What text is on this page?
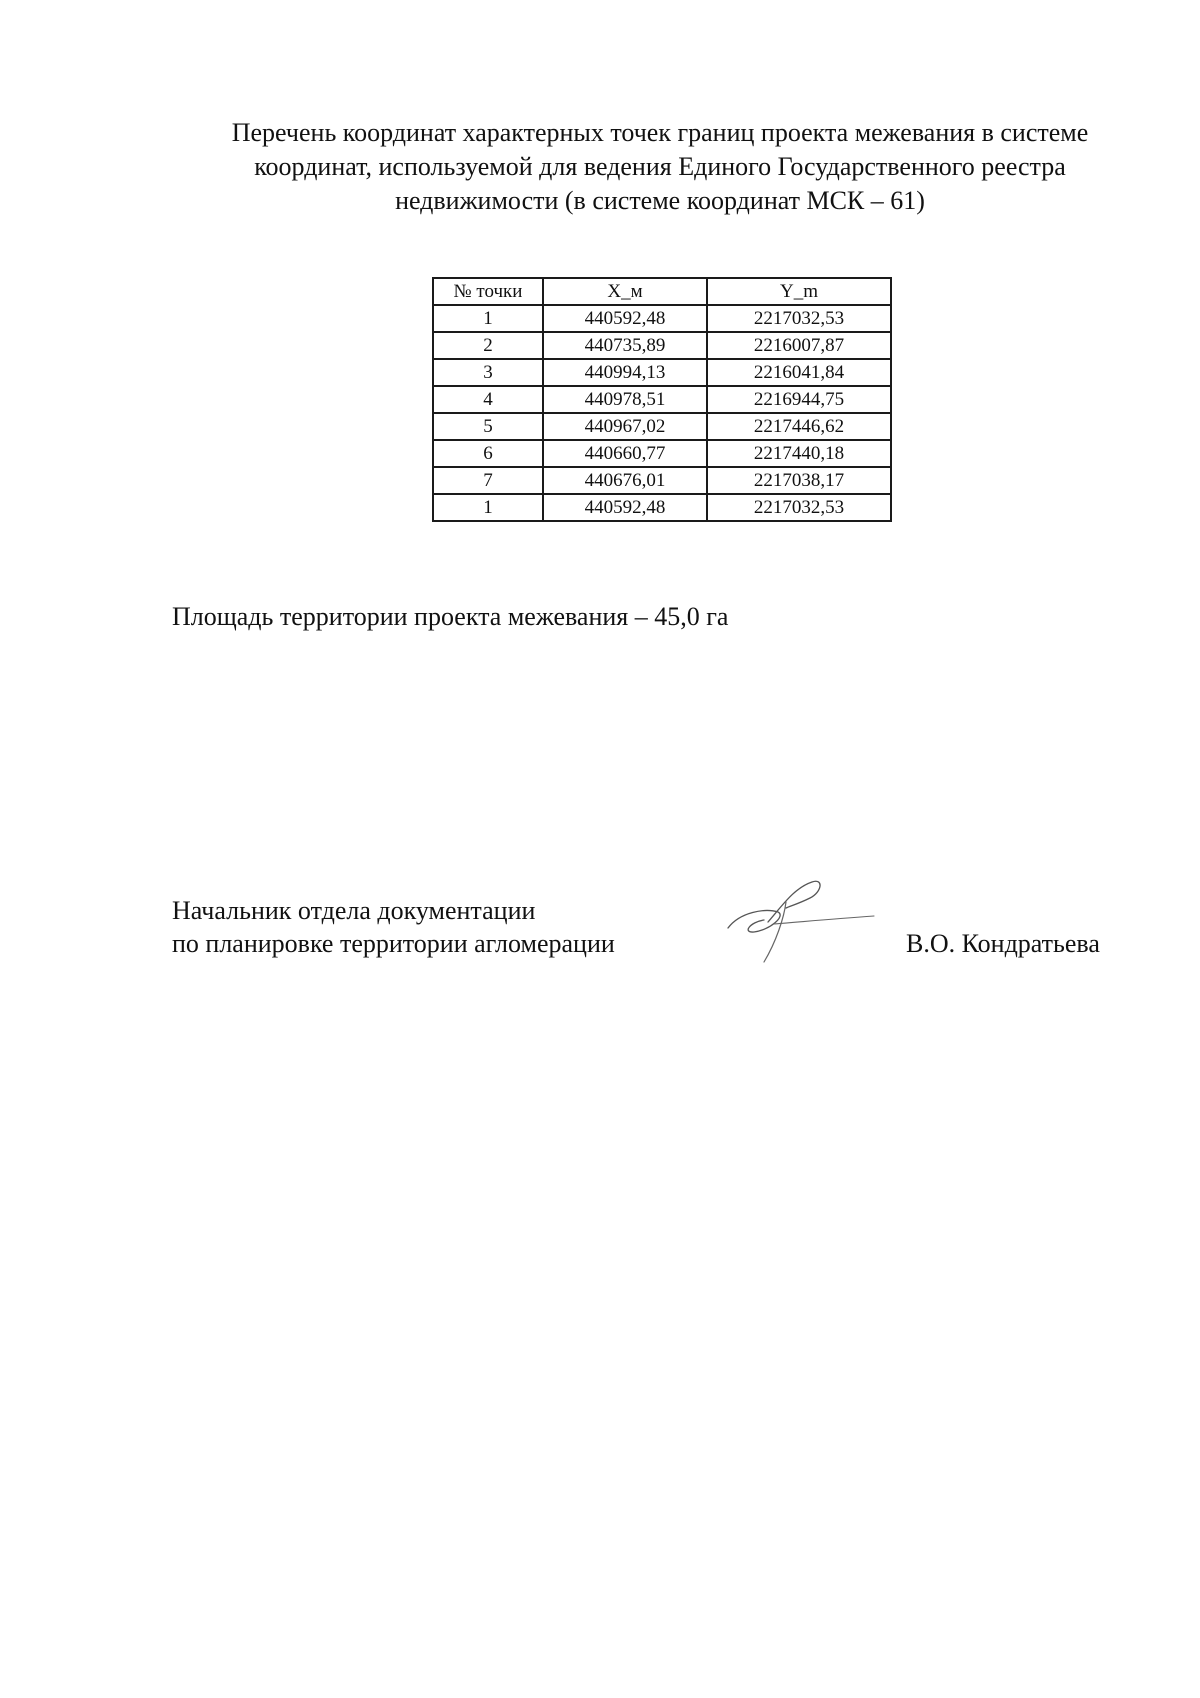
Перечень координат характерных точек границ проекта межевания в системе
координат, используемой для ведения Единого Государственного реестра
недвижимости (в системе координат МСК – 61)
№ точки	X_м	Y_m
1	440592,48	2217032,53
2	440735,89	2216007,87
3	440994,13	2216041,84
4	440978,51	2216944,75
5	440967,02	2217446,62
6	440660,77	2217440,18
7	440676,01	2217038,17
1	440592,48	2217032,53
Площадь территории проекта межевания – 45,0 га
Начальник отдела документации
по планировке территории агломерации	В.О. Кондратьева
